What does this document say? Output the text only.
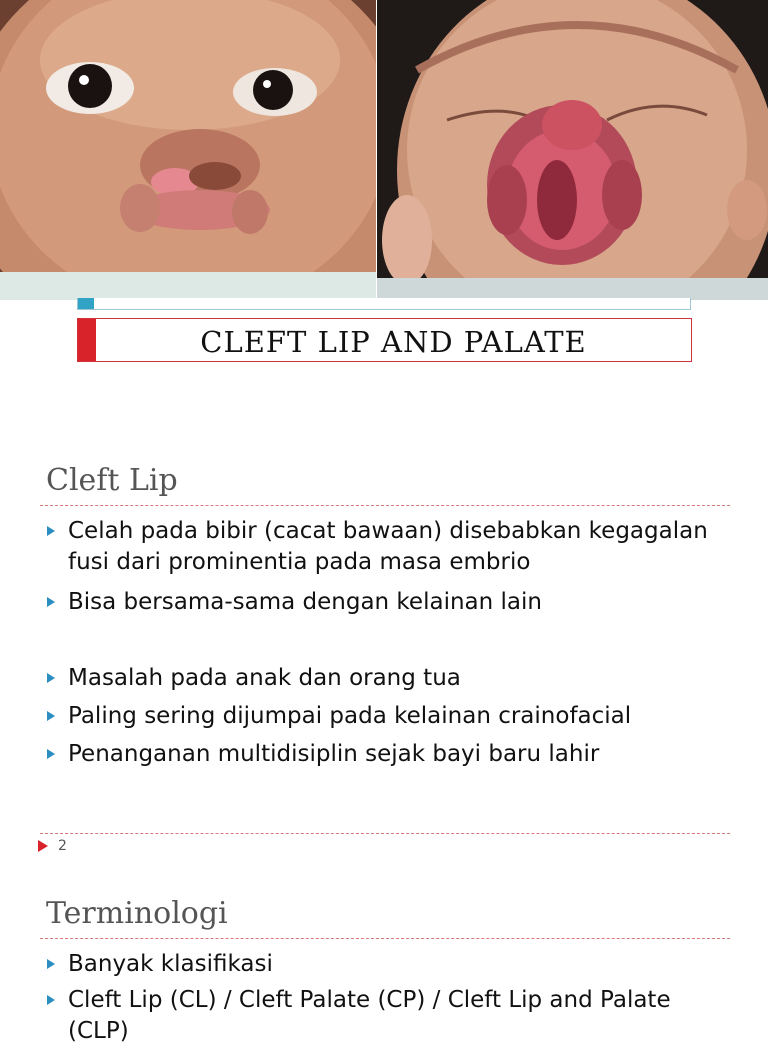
CLEFT LIP AND PALATE
Cleft Lip
Celah pada bibir (cacat bawaan) disebabkan kegagalan fusi dari prominentia pada masa embrio
Bisa bersama-sama dengan kelainan lain
Masalah pada anak dan orang tua
Paling sering dijumpai pada kelainan crainofacial
Penanganan multidisiplin sejak bayi baru lahir
2
Terminologi
Banyak klasifikasi
Cleft Lip (CL) / Cleft Palate (CP) / Cleft Lip and Palate (CLP)
